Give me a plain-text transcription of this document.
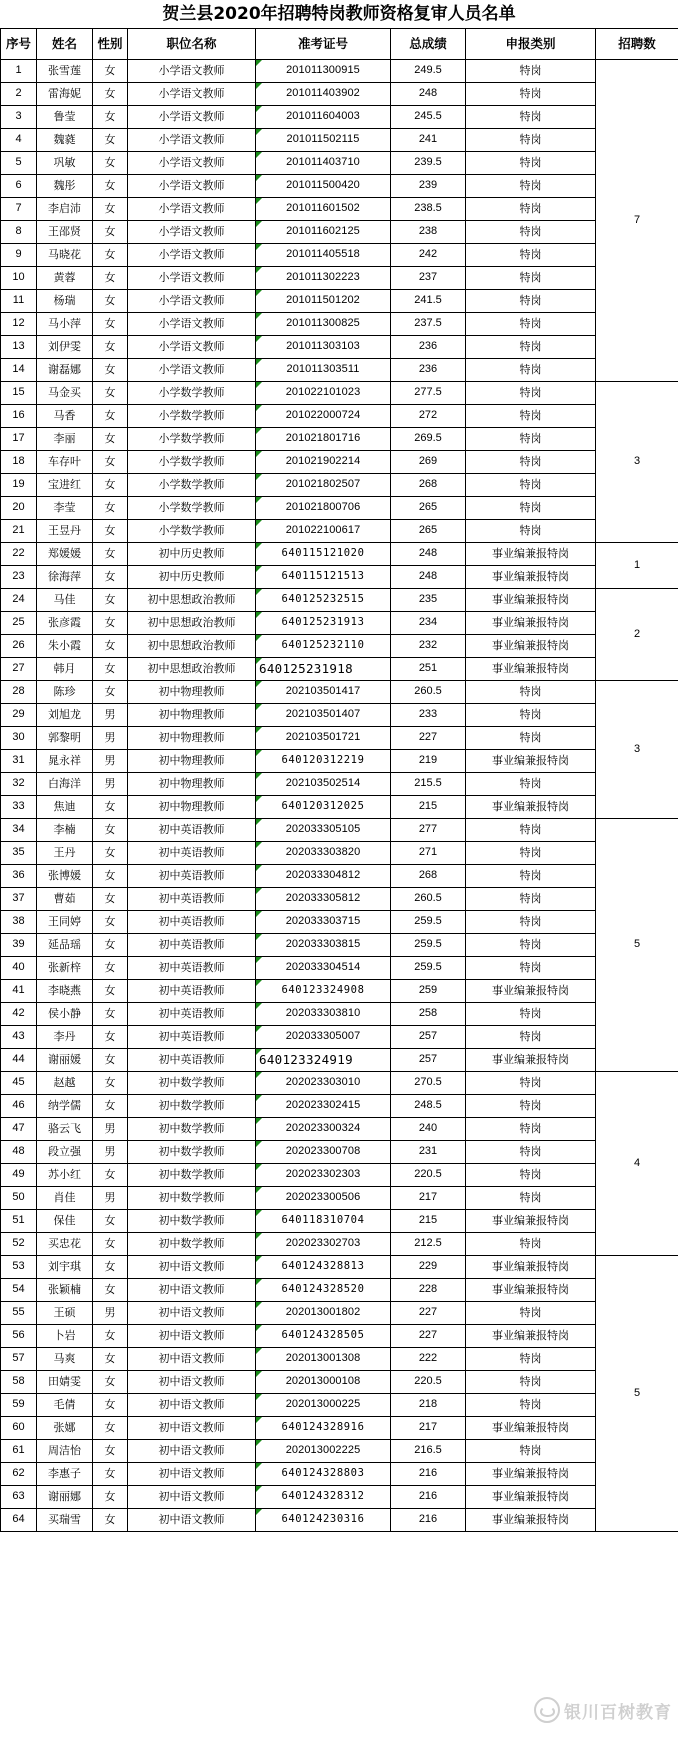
贺兰县2020年招聘特岗教师资格复审人员名单
序号	姓名	性别	职位名称	准考证号	总成绩	申报类别	招聘数
1	张雪莲	女	小学语文教师	201011300915	249.5	特岗	7
2	雷海妮	女	小学语文教师	201011403902	248	特岗	
3	鲁莹	女	小学语文教师	201011604003	245.5	特岗	
4	魏蕤	女	小学语文教师	201011502115	241	特岗	
5	巩敏	女	小学语文教师	201011403710	239.5	特岗	
6	魏彤	女	小学语文教师	201011500420	239	特岗	
7	李启沛	女	小学语文教师	201011601502	238.5	特岗	
8	王邵贤	女	小学语文教师	201011602125	238	特岗	
9	马晓花	女	小学语文教师	201011405518	242	特岗	
10	黄蓉	女	小学语文教师	201011302223	237	特岗	
11	杨瑞	女	小学语文教师	201011501202	241.5	特岗	
12	马小萍	女	小学语文教师	201011300825	237.5	特岗	
13	刘伊雯	女	小学语文教师	201011303103	236	特岗	
14	谢磊娜	女	小学语文教师	201011303511	236	特岗	
15	马金买	女	小学数学教师	201022101023	277.5	特岗	3
16	马香	女	小学数学教师	201022000724	272	特岗	
17	李丽	女	小学数学教师	201021801716	269.5	特岗	
18	车存叶	女	小学数学教师	201021902214	269	特岗	
19	宝进红	女	小学数学教师	201021802507	268	特岗	
20	李莹	女	小学数学教师	201021800706	265	特岗	
21	王昱丹	女	小学数学教师	201022100617	265	特岗	
22	郑媛媛	女	初中历史教师	640115121020	248	事业编兼报特岗	1
23	徐海萍	女	初中历史教师	640115121513	248	事业编兼报特岗	
24	马佳	女	初中思想政治教师	640125232515	235	事业编兼报特岗	2
25	张彦霞	女	初中思想政治教师	640125231913	234	事业编兼报特岗	
26	朱小霞	女	初中思想政治教师	640125232110	232	事业编兼报特岗	
27	韩月	女	初中思想政治教师	640125231918	251	事业编兼报特岗	
28	陈珍	女	初中物理教师	202103501417	260.5	特岗	3
29	刘旭龙	男	初中物理教师	202103501407	233	特岗	
30	郭黎明	男	初中物理教师	202103501721	227	特岗	
31	晁永祥	男	初中物理教师	640120312219	219	事业编兼报特岗	
32	白海洋	男	初中物理教师	202103502514	215.5	特岗	
33	焦迪	女	初中物理教师	640120312025	215	事业编兼报特岗	
34	李楠	女	初中英语教师	202033305105	277	特岗	5
35	王丹	女	初中英语教师	202033303820	271	特岗	
36	张博媛	女	初中英语教师	202033304812	268	特岗	
37	曹茹	女	初中英语教师	202033305812	260.5	特岗	
38	王同婷	女	初中英语教师	202033303715	259.5	特岗	
39	延品瑶	女	初中英语教师	202033303815	259.5	特岗	
40	张新梓	女	初中英语教师	202033304514	259.5	特岗	
41	李晓燕	女	初中英语教师	640123324908	259	事业编兼报特岗	
42	侯小静	女	初中英语教师	202033303810	258	特岗	
43	李丹	女	初中英语教师	202033305007	257	特岗	
44	谢丽媛	女	初中英语教师	640123324919	257	事业编兼报特岗	
45	赵越	女	初中数学教师	202023303010	270.5	特岗	4
46	纳学儒	女	初中数学教师	202023302415	248.5	特岗	
47	骆云飞	男	初中数学教师	202023300324	240	特岗	
48	段立强	男	初中数学教师	202023300708	231	特岗	
49	苏小红	女	初中数学教师	202023302303	220.5	特岗	
50	肖佳	男	初中数学教师	202023300506	217	特岗	
51	保佳	女	初中数学教师	640118310704	215	事业编兼报特岗	
52	买忠花	女	初中数学教师	202023302703	212.5	特岗	
53	刘宇琪	女	初中语文教师	640124328813	229	事业编兼报特岗	5
54	张颖楠	女	初中语文教师	640124328520	228	事业编兼报特岗	
55	王硕	男	初中语文教师	202013001802	227	特岗	
56	卜岩	女	初中语文教师	640124328505	227	事业编兼报特岗	
57	马爽	女	初中语文教师	202013001308	222	特岗	
58	田婧雯	女	初中语文教师	202013000108	220.5	特岗	
59	毛倩	女	初中语文教师	202013000225	218	特岗	
60	张娜	女	初中语文教师	640124328916	217	事业编兼报特岗	
61	周洁怡	女	初中语文教师	202013002225	216.5	特岗	
62	李惠子	女	初中语文教师	640124328803	216	事业编兼报特岗	
63	谢丽娜	女	初中语文教师	640124328312	216	事业编兼报特岗	
64	买瑞雪	女	初中语文教师	640124230316	216	事业编兼报特岗	
银川百树教育
